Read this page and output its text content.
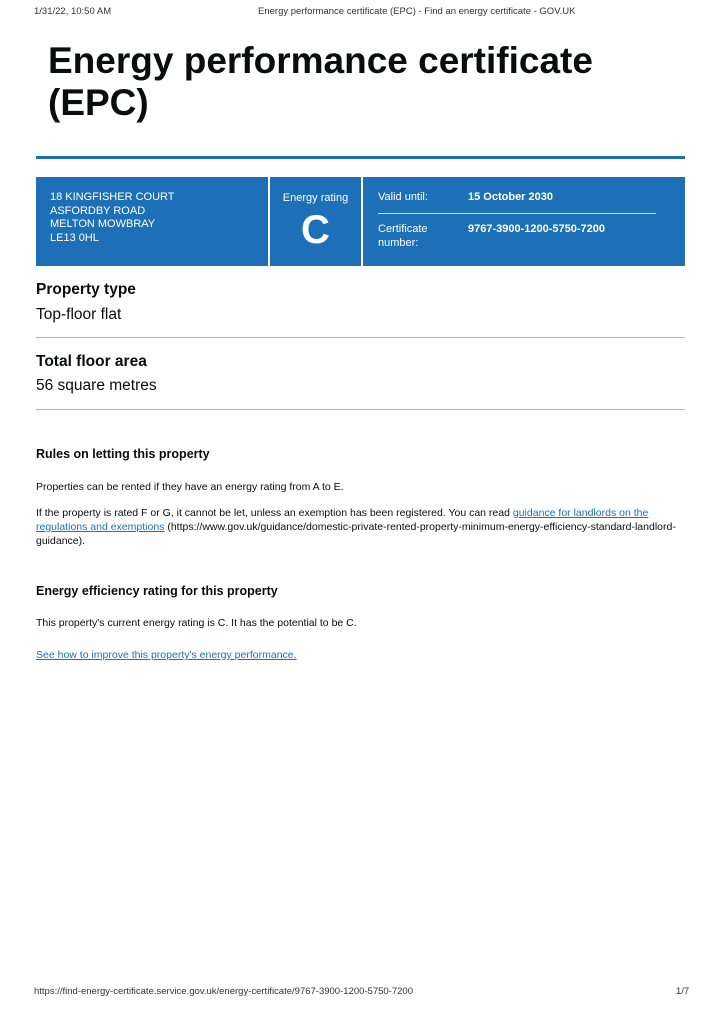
1/31/22, 10:50 AM	Energy performance certificate (EPC) - Find an energy certificate - GOV.UK
Energy performance certificate
(EPC)
18 KINGFISHER COURT
ASFORDBY ROAD
MELTON MOWBRAY
LE13 0HL
Energy rating
C
Valid until:	15 October 2030
Certificate number:
9767-3900-1200-5750-7200
Property type
Top-floor flat
Total floor area
56 square metres
Rules on letting this property

Properties can be rented if they have an energy rating from A to E.

If the property is rated F or G, it cannot be let, unless an exemption has been registered. You can read guidance for landlords on the regulations and exemptions (https://www.gov.uk/guidance/domestic-private-rented-property-minimum-energy-efficiency-standard-landlord-guidance).

Energy efficiency rating for this property

This property's current energy rating is C. It has the potential to be C.

See how to improve this property's energy performance.

https://find-energy-certificate.service.gov.uk/energy-certificate/9767-3900-1200-5750-7200	1/7
